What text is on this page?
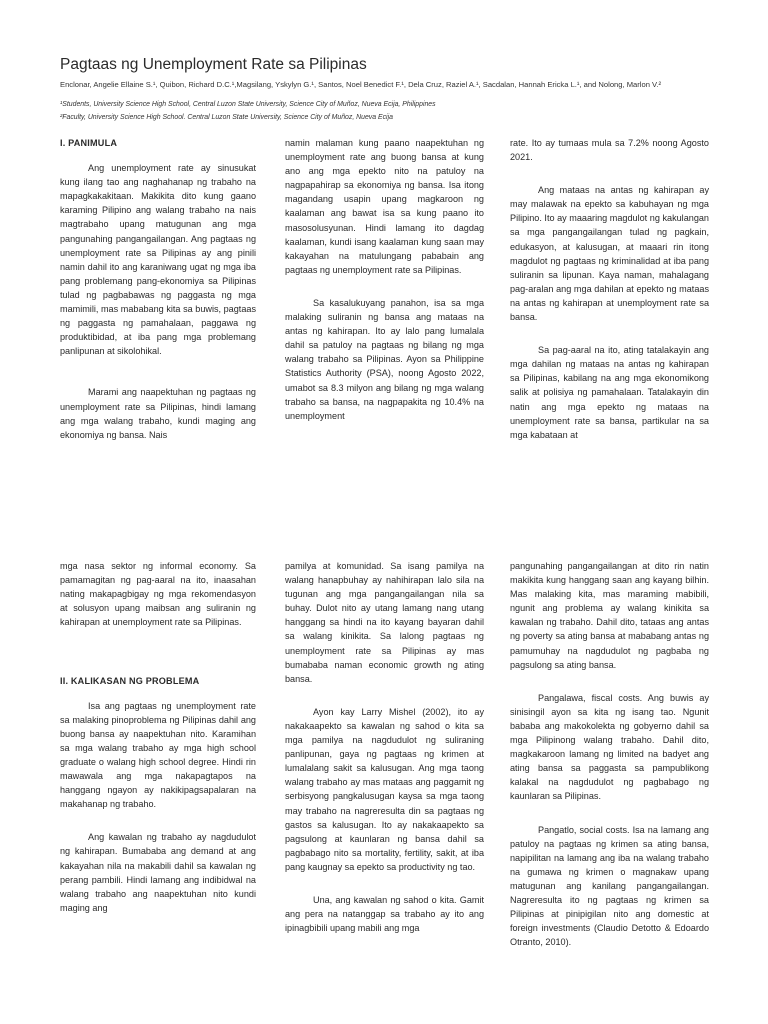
Pagtaas ng Unemployment Rate sa Pilipinas
Enclonar, Angelie Ellaine S.¹, Quibon, Richard D.C.¹,Magsilang, Yskylyn G.¹, Santos, Noel Benedict F.¹, Dela Cruz, Raziel A.¹, Sacdalan, Hannah Ericka L.¹, and Nolong, Marlon V.²
¹Students, University Science High School, Central Luzon State University, Science City of Muñoz, Nueva Ecija, Philippines
²Faculty, University Science High School. Central Luzon State University, Science City of Muñoz, Nueva Ecija
I. PANIMULA

Ang unemployment rate ay sinusukat kung ilang tao ang naghahanap ng trabaho na mapagkakakitaan. Makikita dito kung gaano karaming Pilipino ang walang trabaho na nais magtrabaho upang matugunan ang mga pangunahing pangangailangan. Ang pagtaas ng unemployment rate sa Pilipinas ay ang pinili namin dahil ito ang karaniwang ugat ng mga iba pang problemang pang-ekonomiya sa Pilipinas tulad ng pagbabawas ng paggasta ng mga mamimili, mas mababang kita sa buwis, pagtaas ng paggasta ng pamahalaan, paggawa ng produktibidad, at iba pang mga problemang panlipunan at sikolohikal.

Marami ang naapektuhan ng pagtaas ng unemployment rate sa Pilipinas, hindi lamang ang mga walang trabaho, kundi maging ang ekonomiya ng bansa. Nais

namin malaman kung paano naapektuhan ng unemployment rate ang buong bansa at kung ano ang mga epekto nito na patuloy na nagpapahirap sa ekonomiya ng bansa. Isa itong magandang usapin upang magkaroon ng kaalaman ang bawat isa sa kung paano ito masosolusyunan. Hindi lamang ito dagdag kaalaman, kundi isang kaalaman kung saan may kakayahan na matulungang pababain ang pagtaas ng unemployment rate sa Pilipinas.

Sa kasalukuyang panahon, isa sa mga malaking suliranin ng bansa ang mataas na antas ng kahirapan. Ito ay lalo pang lumalala dahil sa patuloy na pagtaas ng bilang ng mga walang trabaho sa Pilipinas. Ayon sa Philippine Statistics Authority (PSA), noong Agosto 2022, umabot sa 8.3 milyon ang bilang ng mga walang trabaho sa bansa, na nagpapakita ng 10.4% na unemployment

rate. Ito ay tumaas mula sa 7.2% noong Agosto 2021.

Ang mataas na antas ng kahirapan ay may malawak na epekto sa kabuhayan ng mga Pilipino. Ito ay maaaring magdulot ng kakulangan sa mga pangangailangan tulad ng pagkain, edukasyon, at kalusugan, at maaari rin itong magdulot ng pagtaas ng kriminalidad at iba pang suliranin sa lipunan. Kaya naman, mahalagang pag-aralan ang mga dahilan at epekto ng mataas na antas ng kahirapan at unemployment rate sa bansa.

Sa pag-aaral na ito, ating tatalakayin ang mga dahilan ng mataas na antas ng kahirapan sa Pilipinas, kabilang na ang mga ekonomikong salik at polisiya ng pamahalaan. Tatalakayin din natin ang mga epekto ng mataas na unemployment rate sa bansa, partikular na sa mga kabataan at

mga nasa sektor ng informal economy. Sa pamamagitan ng pag-aaral na ito, inaasahan nating makapagbigay ng mga rekomendasyon at solusyon upang maibsan ang suliranin ng kahirapan at unemployment rate sa Pilipinas.

II. KALIKASAN NG PROBLEMA

Isa ang pagtaas ng unemployment rate sa malaking pinoproblema ng Pilipinas dahil ang buong bansa ay naapektuhan nito. Karamihan sa mga walang trabaho ay mga high school graduate o walang high school degree. Hindi rin mawawala ang mga nakapagtapos na hanggang ngayon ay nakikipagsapalaran na makahanap ng trabaho.

Ang kawalan ng trabaho ay nagdudulot ng kahirapan. Bumababa ang demand at ang kakayahan nila na makabili dahil sa kawalan ng perang pambili. Hindi lamang ang indibidwal na walang trabaho ang naapektuhan nito kundi maging ang

pamilya at komunidad. Sa isang pamilya na walang hanapbuhay ay nahihirapan lalo sila na tugunan ang mga pangangailangan nila sa buhay. Dulot nito ay utang lamang nang utang hanggang sa hindi na ito kayang bayaran dahil sa walang kinikita. Sa lalong pagtaas ng unemployment rate sa Pilipinas ay mas bumababa naman economic growth ng ating bansa.

Ayon kay Larry Mishel (2002), ito ay nakakaapekto sa kawalan ng sahod o kita sa mga pamilya na nagdudulot ng suliraning panlipunan, gaya ng pagtaas ng krimen at lumalalang sakit sa kalusugan. Ang mga taong walang trabaho ay mas mataas ang paggamit ng serbisyong pangkalusugan kaysa sa mga taong may trabaho na nagreresulta din sa pagtaas ng gastos sa kalusugan. Ito ay nakakaapekto sa pagsulong at kaunlaran ng bansa dahil sa pagbabago nito sa mortality, fertility, sakit, at iba pang kaugnay sa epekto sa productivity ng tao.

Una, ang kawalan ng sahod o kita. Gamit ang pera na natanggap sa trabaho ay ito ang ipinagbibili upang mabili ang mga

pangunahing pangangailangan at dito rin natin makikita kung hanggang saan ang kayang bilhin. Mas malaking kita, mas maraming mabibili, ngunit ang problema ay walang kinikita sa kawalan ng trabaho. Dahil dito, tataas ang antas ng poverty sa ating bansa at mababang antas ng pamumuhay na nagdudulot ng pagbaba ng pagsulong sa ating bansa.

Pangalawa, fiscal costs. Ang buwis ay sinisingil ayon sa kita ng isang tao. Ngunit bababa ang makokolekta ng gobyerno dahil sa mga Pilipinong walang trabaho. Dahil dito, magkakaroon lamang ng limited na badyet ang ating bansa sa paggasta sa pampublikong kalakal na nagdudulot ng pagbabago ng kaunlaran sa Pilipinas.

Pangatlo, social costs. Isa na lamang ang patuloy na pagtaas ng krimen sa ating bansa, napipilitan na lamang ang iba na walang trabaho na gumawa ng krimen o magnakaw upang matugunan ang kanilang pangangailangan. Nagreresulta ito ng pagtaas ng krimen sa Pilipinas at pinipigilan nito ang domestic at foreign investments (Claudio Detotto & Edoardo Otranto, 2010).
